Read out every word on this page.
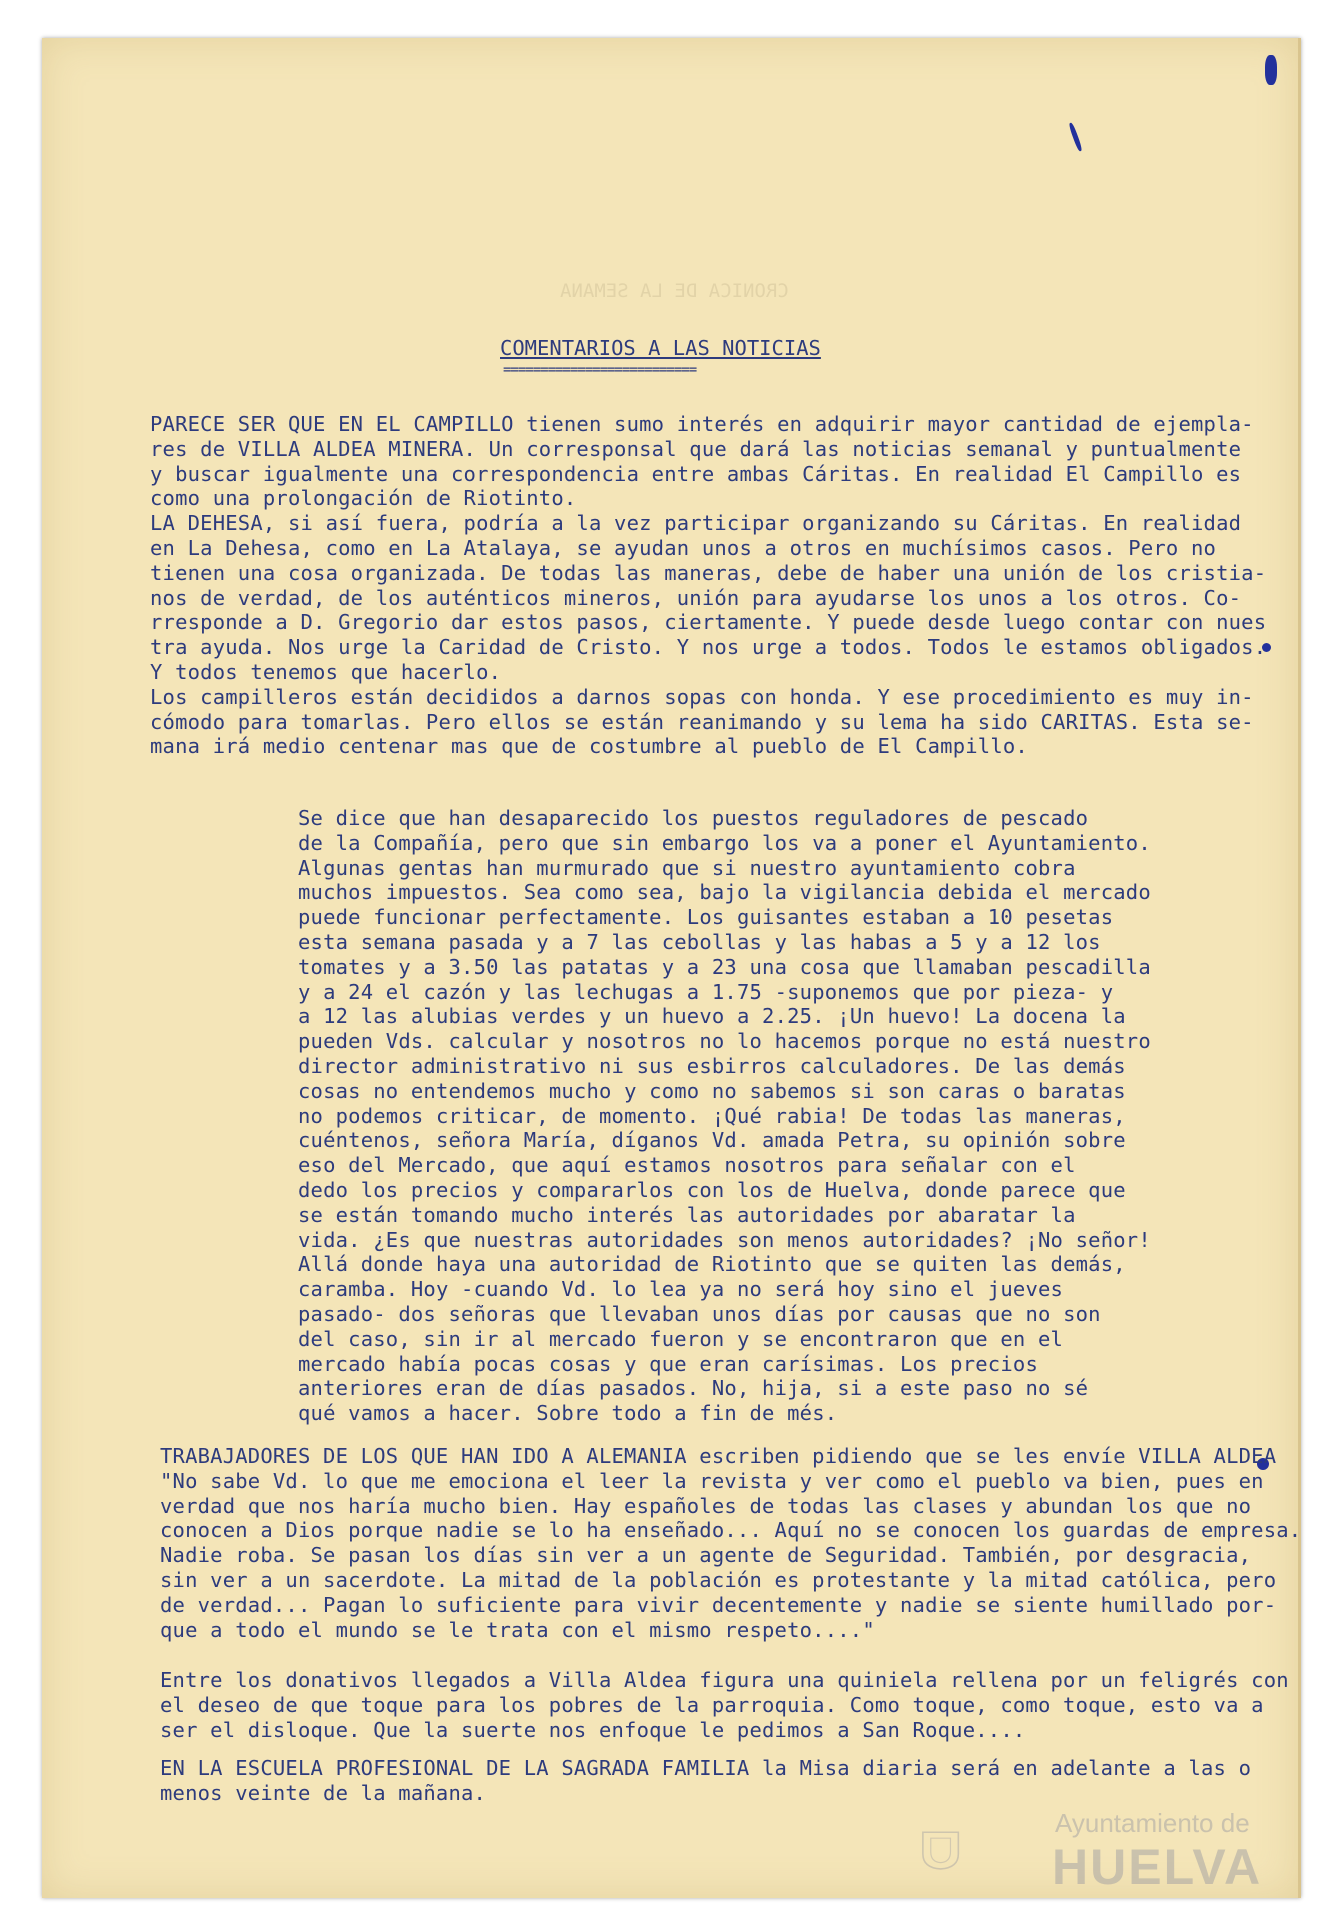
CRONICA DE LA SEMANA
COMENTARIOS A LAS NOTICIAS
==========================
PARECE SER QUE EN EL CAMPILLO tienen sumo interés en adquirir mayor cantidad de ejempla-
res de VILLA ALDEA MINERA. Un corresponsal que dará las noticias semanal y puntualmente
y buscar igualmente una correspondencia entre ambas Cáritas. En realidad El Campillo es
como una prolongación de Riotinto.
LA DEHESA, si así fuera, podría a la vez participar organizando su Cáritas. En realidad
en La Dehesa, como en La Atalaya, se ayudan unos a otros en muchísimos casos. Pero no
tienen una cosa organizada. De todas las maneras, debe de haber una unión de los cristia-
nos de verdad, de los auténticos mineros, unión para ayudarse los unos a los otros. Co-
rresponde a D. Gregorio dar estos pasos, ciertamente. Y puede desde luego contar con nues
tra ayuda. Nos urge la Caridad de Cristo. Y nos urge a todos. Todos le estamos obligados.
Y todos tenemos que hacerlo.
Los campilleros están decididos a darnos sopas con honda. Y ese procedimiento es muy in-
cómodo para tomarlas. Pero ellos se están reanimando y su lema ha sido CARITAS. Esta se-
mana irá medio centenar mas que de costumbre al pueblo de El Campillo.
Se dice que han desaparecido los puestos reguladores de pescado
de la Compañía, pero que sin embargo los va a poner el Ayuntamiento.
Algunas gentas han murmurado que si nuestro ayuntamiento cobra
muchos impuestos. Sea como sea, bajo la vigilancia debida el mercado
puede funcionar perfectamente. Los guisantes estaban a 10 pesetas
esta semana pasada y a 7 las cebollas y las habas a 5 y a 12 los
tomates y a 3.50 las patatas y a 23 una cosa que llamaban pescadilla
y a 24 el cazón y las lechugas a 1.75 -suponemos que por pieza- y
a 12 las alubias verdes y un huevo a 2.25. ¡Un huevo! La docena la
pueden Vds. calcular y nosotros no lo hacemos porque no está nuestro
director administrativo ni sus esbirros calculadores. De las demás
cosas no entendemos mucho y como no sabemos si son caras o baratas
no podemos criticar, de momento. ¡Qué rabia! De todas las maneras,
cuéntenos, señora María, díganos Vd. amada Petra, su opinión sobre
eso del Mercado, que aquí estamos nosotros para señalar con el
dedo los precios y compararlos con los de Huelva, donde parece que
se están tomando mucho interés las autoridades por abaratar la
vida. ¿Es que nuestras autoridades son menos autoridades? ¡No señor!
Allá donde haya una autoridad de Riotinto que se quiten las demás,
caramba. Hoy -cuando Vd. lo lea ya no será hoy sino el jueves
pasado- dos señoras que llevaban unos días por causas que no son
del caso, sin ir al mercado fueron y se encontraron que en el
mercado había pocas cosas y que eran carísimas. Los precios
anteriores eran de días pasados. No, hija, si a este paso no sé
qué vamos a hacer. Sobre todo a fin de més.
TRABAJADORES DE LOS QUE HAN IDO A ALEMANIA escriben pidiendo que se les envíe VILLA ALDEA
"No sabe Vd. lo que me emociona el leer la revista y ver como el pueblo va bien, pues en
verdad que nos haría mucho bien. Hay españoles de todas las clases y abundan los que no
conocen a Dios porque nadie se lo ha enseñado... Aquí no se conocen los guardas de empresa.
Nadie roba. Se pasan los días sin ver a un agente de Seguridad. También, por desgracia,
sin ver a un sacerdote. La mitad de la población es protestante y la mitad católica, pero
de verdad... Pagan lo suficiente para vivir decentemente y nadie se siente humillado por-
que a todo el mundo se le trata con el mismo respeto...."
Entre los donativos llegados a Villa Aldea figura una quiniela rellena por un feligrés con
el deseo de que toque para los pobres de la parroquia. Como toque, como toque, esto va a
ser el disloque. Que la suerte nos enfoque le pedimos a San Roque....
EN LA ESCUELA PROFESIONAL DE LA SAGRADA FAMILIA la Misa diaria será en adelante a las o
menos veinte de la mañana.
Ayuntamiento de
HUELVA
